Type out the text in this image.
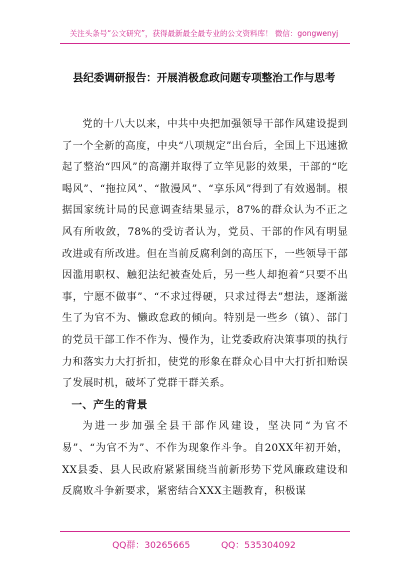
关注头条号“公文研究”，获得最新最全最专业的公文资料库！ 微信：gongwenyj
县纪委调研报告：开展消极怠政问题专项整治工作与思考

党的十八大以来，中共中央把加强领导干部作风建设提到了一个全新的高度，中央“八项规定”出台后，全国上下迅速掀起了整治“四风”的高潮并取得了立竿见影的效果，干部的“吃喝风”、“拖拉风”、“散漫风”、“享乐风”得到了有效遏制。根据国家统计局的民意调查结果显示，87%的群众认为不正之风有所收敛，78%的受访者认为，党员、干部的作风有明显改进或有所改进。但在当前反腐利剑的高压下，一些领导干部因滥用职权、触犯法纪被查处后，另一些人却抱着“只要不出事，宁愿不做事”、“不求过得硬，只求过得去”想法，逐渐滋生了为官不为、懒政怠政的倾向。特别是一些乡（镇）、部门的党员干部工作不作为、慢作为，让党委政府决策事项的执行力和落实力大打折扣，使党的形象在群众心目中大打折扣贻误了发展时机，破坏了党群干群关系。

一、产生的背景

为进一步加强全县干部作风建设，坚决同“为官不易”、“为官不为”、不作为现象作斗争。自20XX年初开始，XX县委、县人民政府紧紧围绕当前新形势下党风廉政建设和反腐败斗争新要求，紧密结合XXX主题教育，积极谋

QQ群：30265665	QQ：535304092
